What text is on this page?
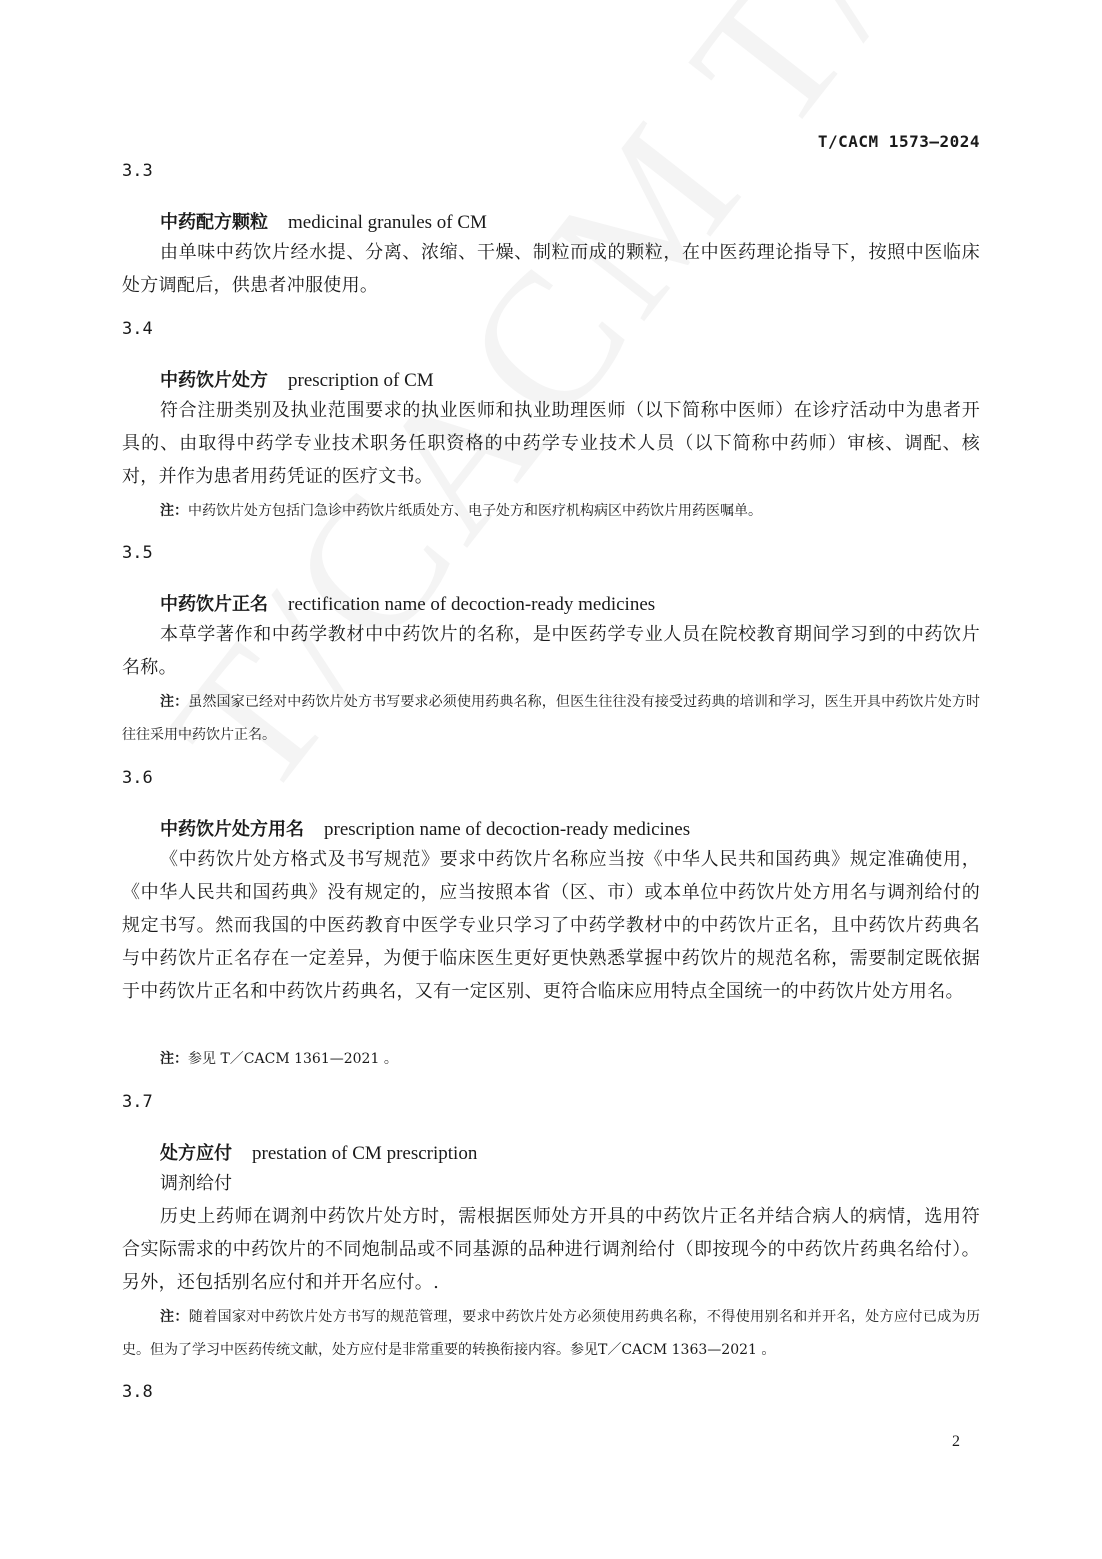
T/CACM 1573—2024
3.3
中药配方颗粒 medicinal granules of CM
由单味中药饮片经水提、分离、浓缩、干燥、制粒而成的颗粒，在中医药理论指导下，按照中医临床处方调配后，供患者冲服使用。
3.4
中药饮片处方 prescription of CM
符合注册类别及执业范围要求的执业医师和执业助理医师（以下简称中医师）在诊疗活动中为患者开具的、由取得中药学专业技术职务任职资格的中药学专业技术人员（以下简称中药师）审核、调配、核对，并作为患者用药凭证的医疗文书。
注：中药饮片处方包括门急诊中药饮片纸质处方、电子处方和医疗机构病区中药饮片用药医嘱单。
3.5
中药饮片正名 rectification name of decoction-ready medicines
本草学著作和中药学教材中中药饮片的名称，是中医药学专业人员在院校教育期间学习到的中药饮片名称。
注：虽然国家已经对中药饮片处方书写要求必须使用药典名称，但医生往往没有接受过药典的培训和学习，医生开具中药饮片处方时往往采用中药饮片正名。
3.6
中药饮片处方用名 prescription name of decoction-ready medicines
《中药饮片处方格式及书写规范》要求中药饮片名称应当按《中华人民共和国药典》规定准确使用，《中华人民共和国药典》没有规定的，应当按照本省（区、市）或本单位中药饮片处方用名与调剂给付的规定书写。然而我国的中医药教育中医学专业只学习了中药学教材中的中药饮片正名，且中药饮片药典名与中药饮片正名存在一定差异，为便于临床医生更好更快熟悉掌握中药饮片的规范名称，需要制定既依据于中药饮片正名和中药饮片药典名，又有一定区别、更符合临床应用特点全国统一的中药饮片处方用名。
注：参见 T／CACM 1361—2021 。
3.7
处方应付 prestation of CM prescription
调剂给付
历史上药师在调剂中药饮片处方时，需根据医师处方开具的中药饮片正名并结合病人的病情，选用符合实际需求的中药饮片的不同炮制品或不同基源的品种进行调剂给付（即按现今的中药饮片药典名给付）。另外，还包括别名应付和并开名应付。.
注：随着国家对中药饮片处方书写的规范管理，要求中药饮片处方必须使用药典名称，不得使用别名和并开名，处方应付已成为历史。但为了学习中医药传统文献，处方应付是非常重要的转换衔接内容。参见T／CACM 1363—2021 。
3.8
2
